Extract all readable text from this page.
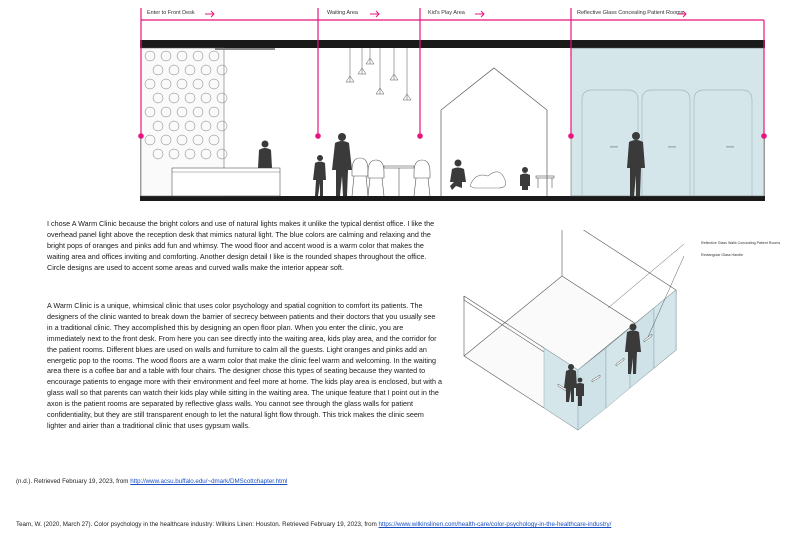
Enter to Front Desk	Waiting Area	Kid's Play Area	Reflective Glass Concealing Patient Rooms

I chose A Warm Clinic because the bright colors and use of natural lights makes it unlike the typical dentist office. I like the overhead panel light above the reception desk that mimics natural light. The blue colors are calming and relaxing and the bright pops of oranges and pinks add fun and whimsy. The wood floor and accent wood is a warm color that makes the waiting area and offices inviting and comforting. Another design detail I like is the rounded shapes throughout the office. Circle designs are used to accent some areas and curved walls make the interior appear soft.

A Warm Clinic is a unique, whimsical clinic that uses color psychology and spatial cognition to comfort its patients. The designers of the clinic wanted to break down the barrier of secrecy between patients and their doctors that you usually see in a traditional clinic. They accomplished this by designing an open floor plan. When you enter the clinic, you are immediately next to the front desk. From here you can see directly into the waiting area, kids play area, and the corridor for the patient rooms. Different blues are used on walls and furniture to calm all the guests. Light oranges and pinks add an energetic pop to the rooms. The wood floors are a warm color that make the clinic feel warm and welcoming. In the waiting area there is a coffee bar and a table with four chairs. The designer chose this types of seating because they wanted to encourage patients to engage more with their environment and feel more at home. The kids play area is enclosed, but with a glass wall so that parents can watch their kids play while sitting in the waiting area. The unique feature that I point out in the axon is the patient rooms are separated by reflective glass walls. You cannot see through the glass walls for patient confidentiality, but they are still transparent enough to let the natural light flow through. This trick makes the clinic seem lighter and airier than a traditional clinic that uses gypsum walls.

Reflective Glass Walls Concealing Patient Rooms
Rectangular Glass Handle
(n.d.). Retrieved February 19, 2023, from http://www.acsu.buffalo.edu/~dmark/DMScottchapter.html
Team, W. (2020, March 27). Color psychology in the healthcare industry: Wilkins Linen: Houston. Retrieved February 19, 2023, from https://www.wilkinslinen.com/health-care/color-psychology-in-the-healthcare-industry/
